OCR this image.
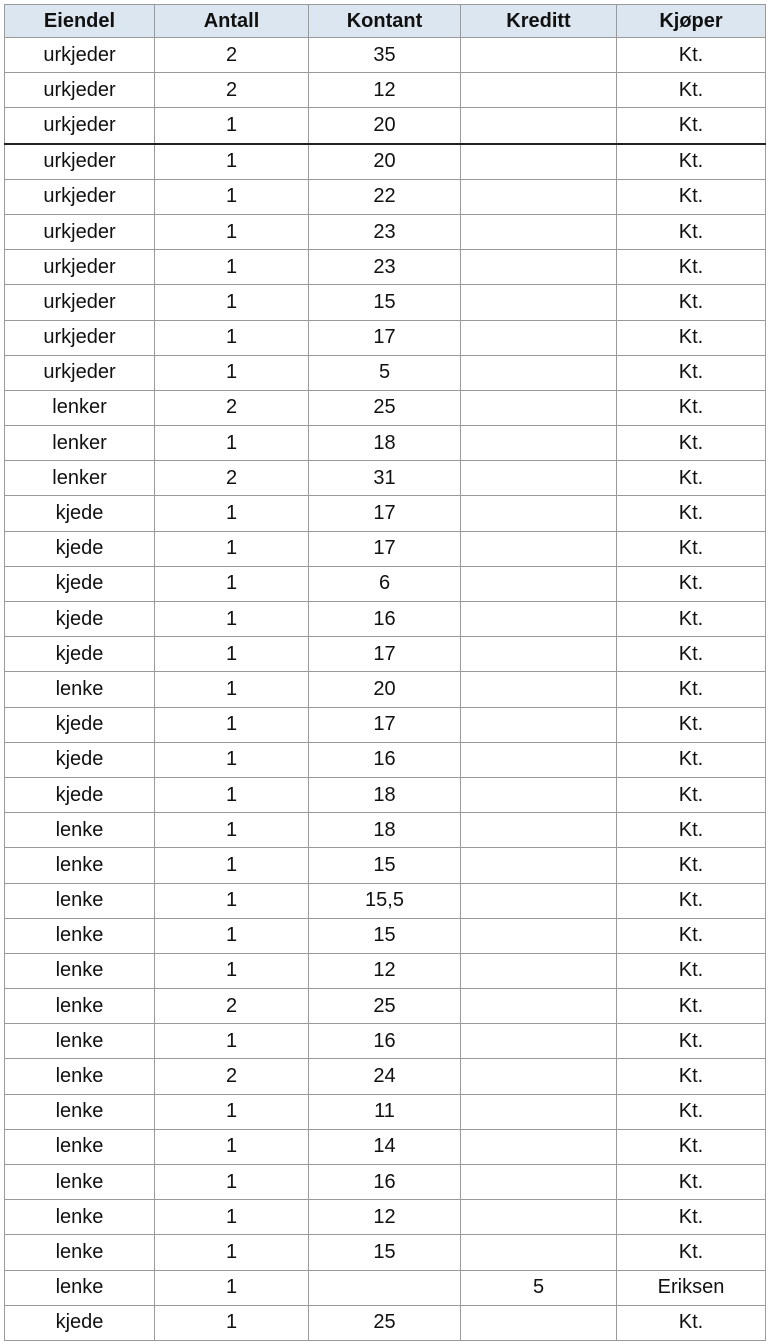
Eiendel	Antall	Kontant	Kreditt	Kjøper
urkjeder	2	35		Kt.
urkjeder	2	12		Kt.
urkjeder	1	20		Kt.
urkjeder	1	20		Kt.
urkjeder	1	22		Kt.
urkjeder	1	23		Kt.
urkjeder	1	23		Kt.
urkjeder	1	15		Kt.
urkjeder	1	17		Kt.
urkjeder	1	5		Kt.
lenker	2	25		Kt.
lenker	1	18		Kt.
lenker	2	31		Kt.
kjede	1	17		Kt.
kjede	1	17		Kt.
kjede	1	6		Kt.
kjede	1	16		Kt.
kjede	1	17		Kt.
lenke	1	20		Kt.
kjede	1	17		Kt.
kjede	1	16		Kt.
kjede	1	18		Kt.
lenke	1	18		Kt.
lenke	1	15		Kt.
lenke	1	15,5		Kt.
lenke	1	15		Kt.
lenke	1	12		Kt.
lenke	2	25		Kt.
lenke	1	16		Kt.
lenke	2	24		Kt.
lenke	1	11		Kt.
lenke	1	14		Kt.
lenke	1	16		Kt.
lenke	1	12		Kt.
lenke	1	15		Kt.
lenke	1		5	Eriksen
kjede	1	25		Kt.
